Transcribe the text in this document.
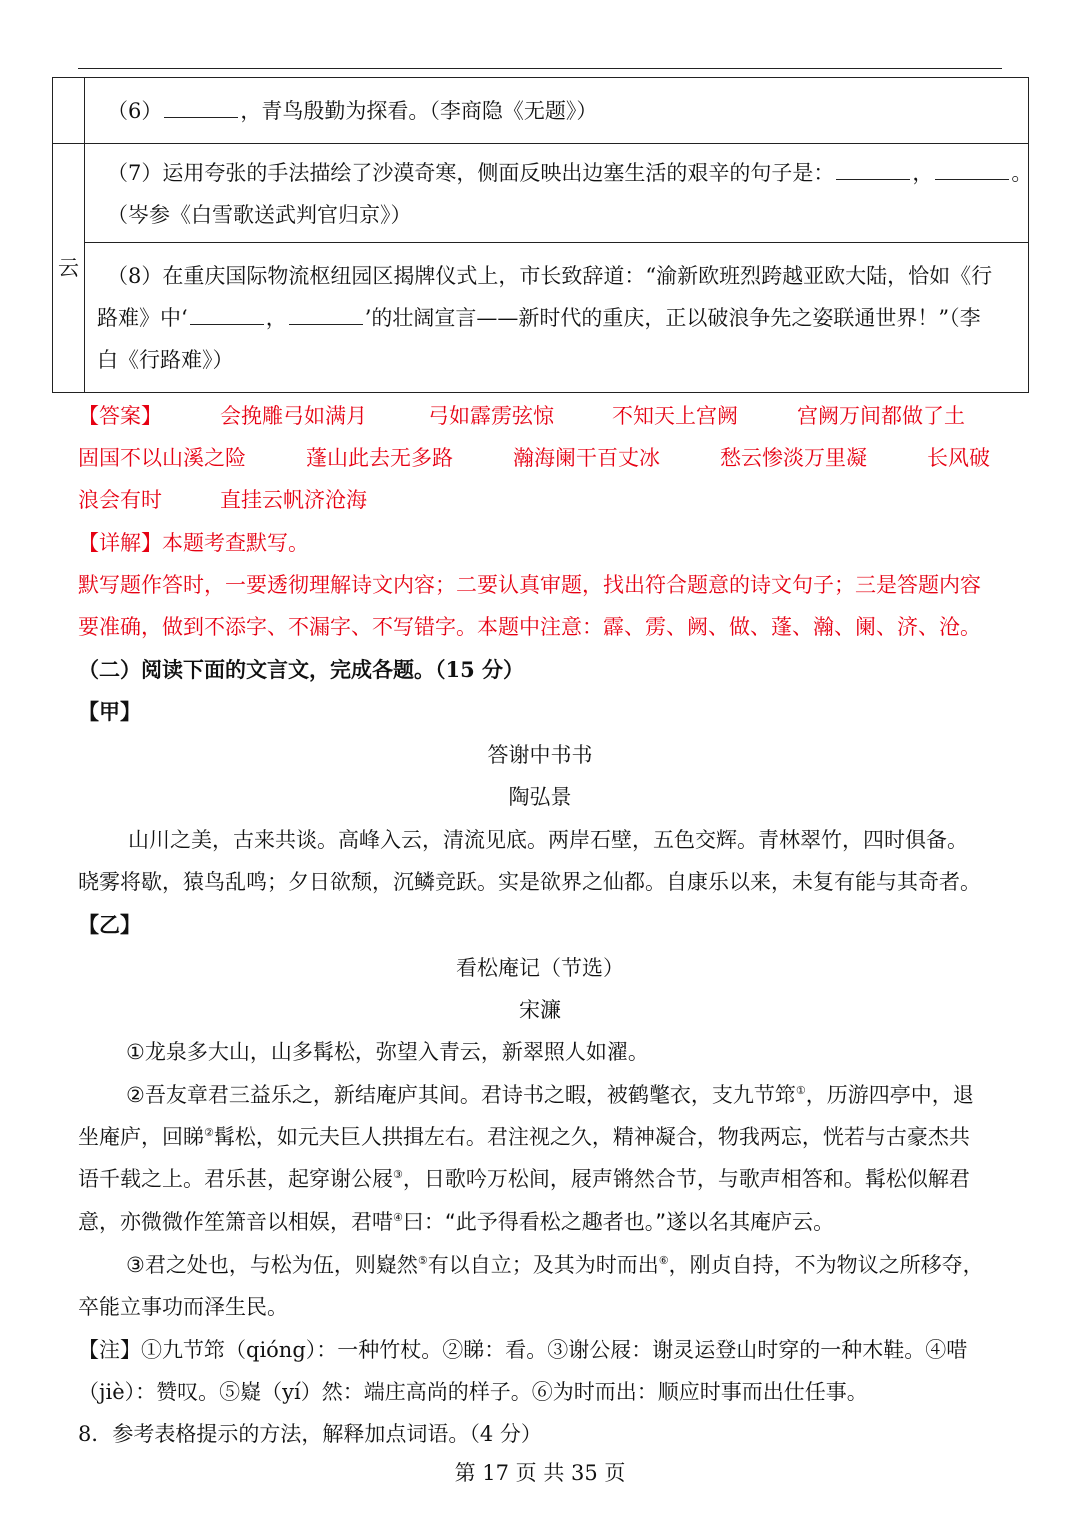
	（6） ，青鸟殷勤为探看。（李商隐《无题》）
云	（7）运用夸张的手法描绘了沙漠奇寒，侧面反映出边塞生活的艰辛的句子是： ， 。
（岑参《白雪歌送武判官归京》）

	（8）在重庆国际物流枢纽园区揭牌仪式上，市长致辞道：“渝新欧班烈跨越亚欧大陆，恰如《行
路难》中‘ ， ’的壮阔宣言——新时代的重庆，正以破浪争先之姿联通世界！”（李
白《行路难》）
【答案】	会挽雕弓如满月	弓如霹雳弦惊	不知天上宫阙	宫阙万间都做了土
固国不以山溪之险	蓬山此去无多路	瀚海阑干百丈冰	愁云惨淡万里凝	长风破
浪会有时	直挂云帆济沧海
【详解】本题考查默写。
默写题作答时，一要透彻理解诗文内容；二要认真审题，找出符合题意的诗文句子；三是答题内容
要准确，做到不添字、不漏字、不写错字。本题中注意：霹、雳、阙、做、蓬、瀚、阑、济、沧。
（二）阅读下面的文言文，完成各题。（15 分）
【甲】
答谢中书书
陶弘景
山川之美，古来共谈。高峰入云，清流见底。两岸石壁，五色交辉。青林翠竹，四时俱备。
晓雾将歇，猿鸟乱鸣；夕日欲颓，沉鳞竞跃。实是欲界之仙都。自康乐以来，未复有能与其奇者。
【乙】
看松庵记（节选）
宋濂
①龙泉多大山，山多髯松，弥望入青云，新翠照人如濯。
②吾友章君三益乐之，新结庵庐其间。君诗书之暇，被鹤氅衣，支九节筇①，历游四亭中，退
坐庵庐，回睇②髯松，如元夫巨人拱揖左右。君注视之久，精神凝合，物我两忘，恍若与古豪杰共
语千载之上。君乐甚，起穿谢公屐③，日歌吟万松间，屐声锵然合节，与歌声相答和。髯松似解君
意，亦微微作笙箫音以相娱，君唶④曰：“此予得看松之趣者也。”遂以名其庵庐云。
③君之处也，与松为伍，则嶷然⑤有以自立；及其为时而出⑥，刚贞自持，不为物议之所移夺，
卒能立事功而泽生民。
【注】①九节筇（qióng）：一种竹杖。②睇：看。③谢公屐：谢灵运登山时穿的一种木鞋。④唶
（jiè）：赞叹。⑤嶷（yí）然：端庄高尚的样子。⑥为时而出：顺应时事而出仕任事。
8．参考表格提示的方法，解释加点词语。（4 分）
第 17 页 共 35 页
